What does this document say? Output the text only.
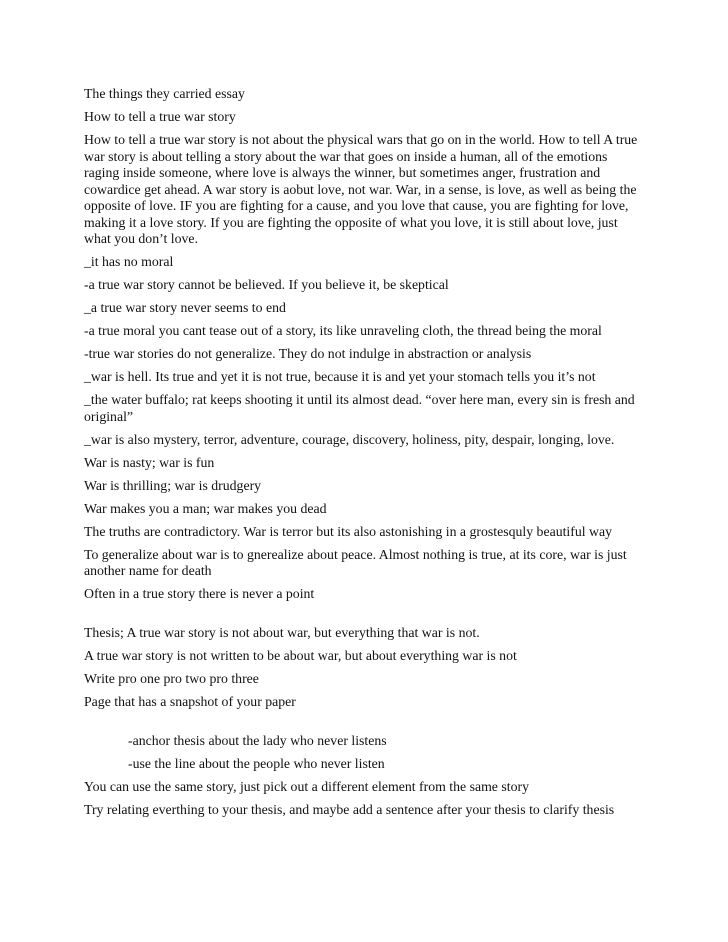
The things they carried essay

How to tell a true war story

How to tell a true war story is not about the physical wars that go on in the world. How to tell A true war story is about telling a story about the war that goes on inside a human, all of the emotions raging inside someone, where love is always the winner, but sometimes anger, frustration and cowardice get ahead. A war story is aobut love, not war. War, in a sense, is love, as well as being the opposite of love. IF you are fighting for a cause, and you love that cause, you are fighting for love, making it a love story. If you are fighting the opposite of what you love, it is still about love, just what you don’t love.

_it has no moral

-a true war story cannot be believed. If you believe it, be skeptical

_a true war story never seems to end

-a true moral you cant tease out of a story, its like unraveling cloth, the thread being the moral

-true war stories do not generalize. They do not indulge in abstraction or analysis

_war is hell. Its true and yet it is not true, because it is and yet your stomach tells you it’s not

_the water buffalo; rat keeps shooting it until its almost dead. “over here man, every sin is fresh and original”

_war is also mystery, terror, adventure, courage, discovery, holiness, pity, despair, longing, love.

War is nasty; war is fun

War is thrilling; war is drudgery

War makes you a man; war makes you dead

The truths are contradictory. War is terror but its also astonishing in a grostesquly beautiful way

To generalize about war is to gnerealize about peace. Almost nothing is true, at its core, war is just another name for death

Often in a true story there is never a point

Thesis; A true war story is not about war, but everything that war is not.

A true war story is not written to be about war, but about everything war is not

Write pro one pro two pro three

Page that has a snapshot of your paper

-anchor thesis about the lady who never listens

-use the line about the people who never listen

You can use the same story, just pick out a different element from the same story

Try relating everthing to your thesis, and maybe add a sentence after your thesis to clarify thesis
